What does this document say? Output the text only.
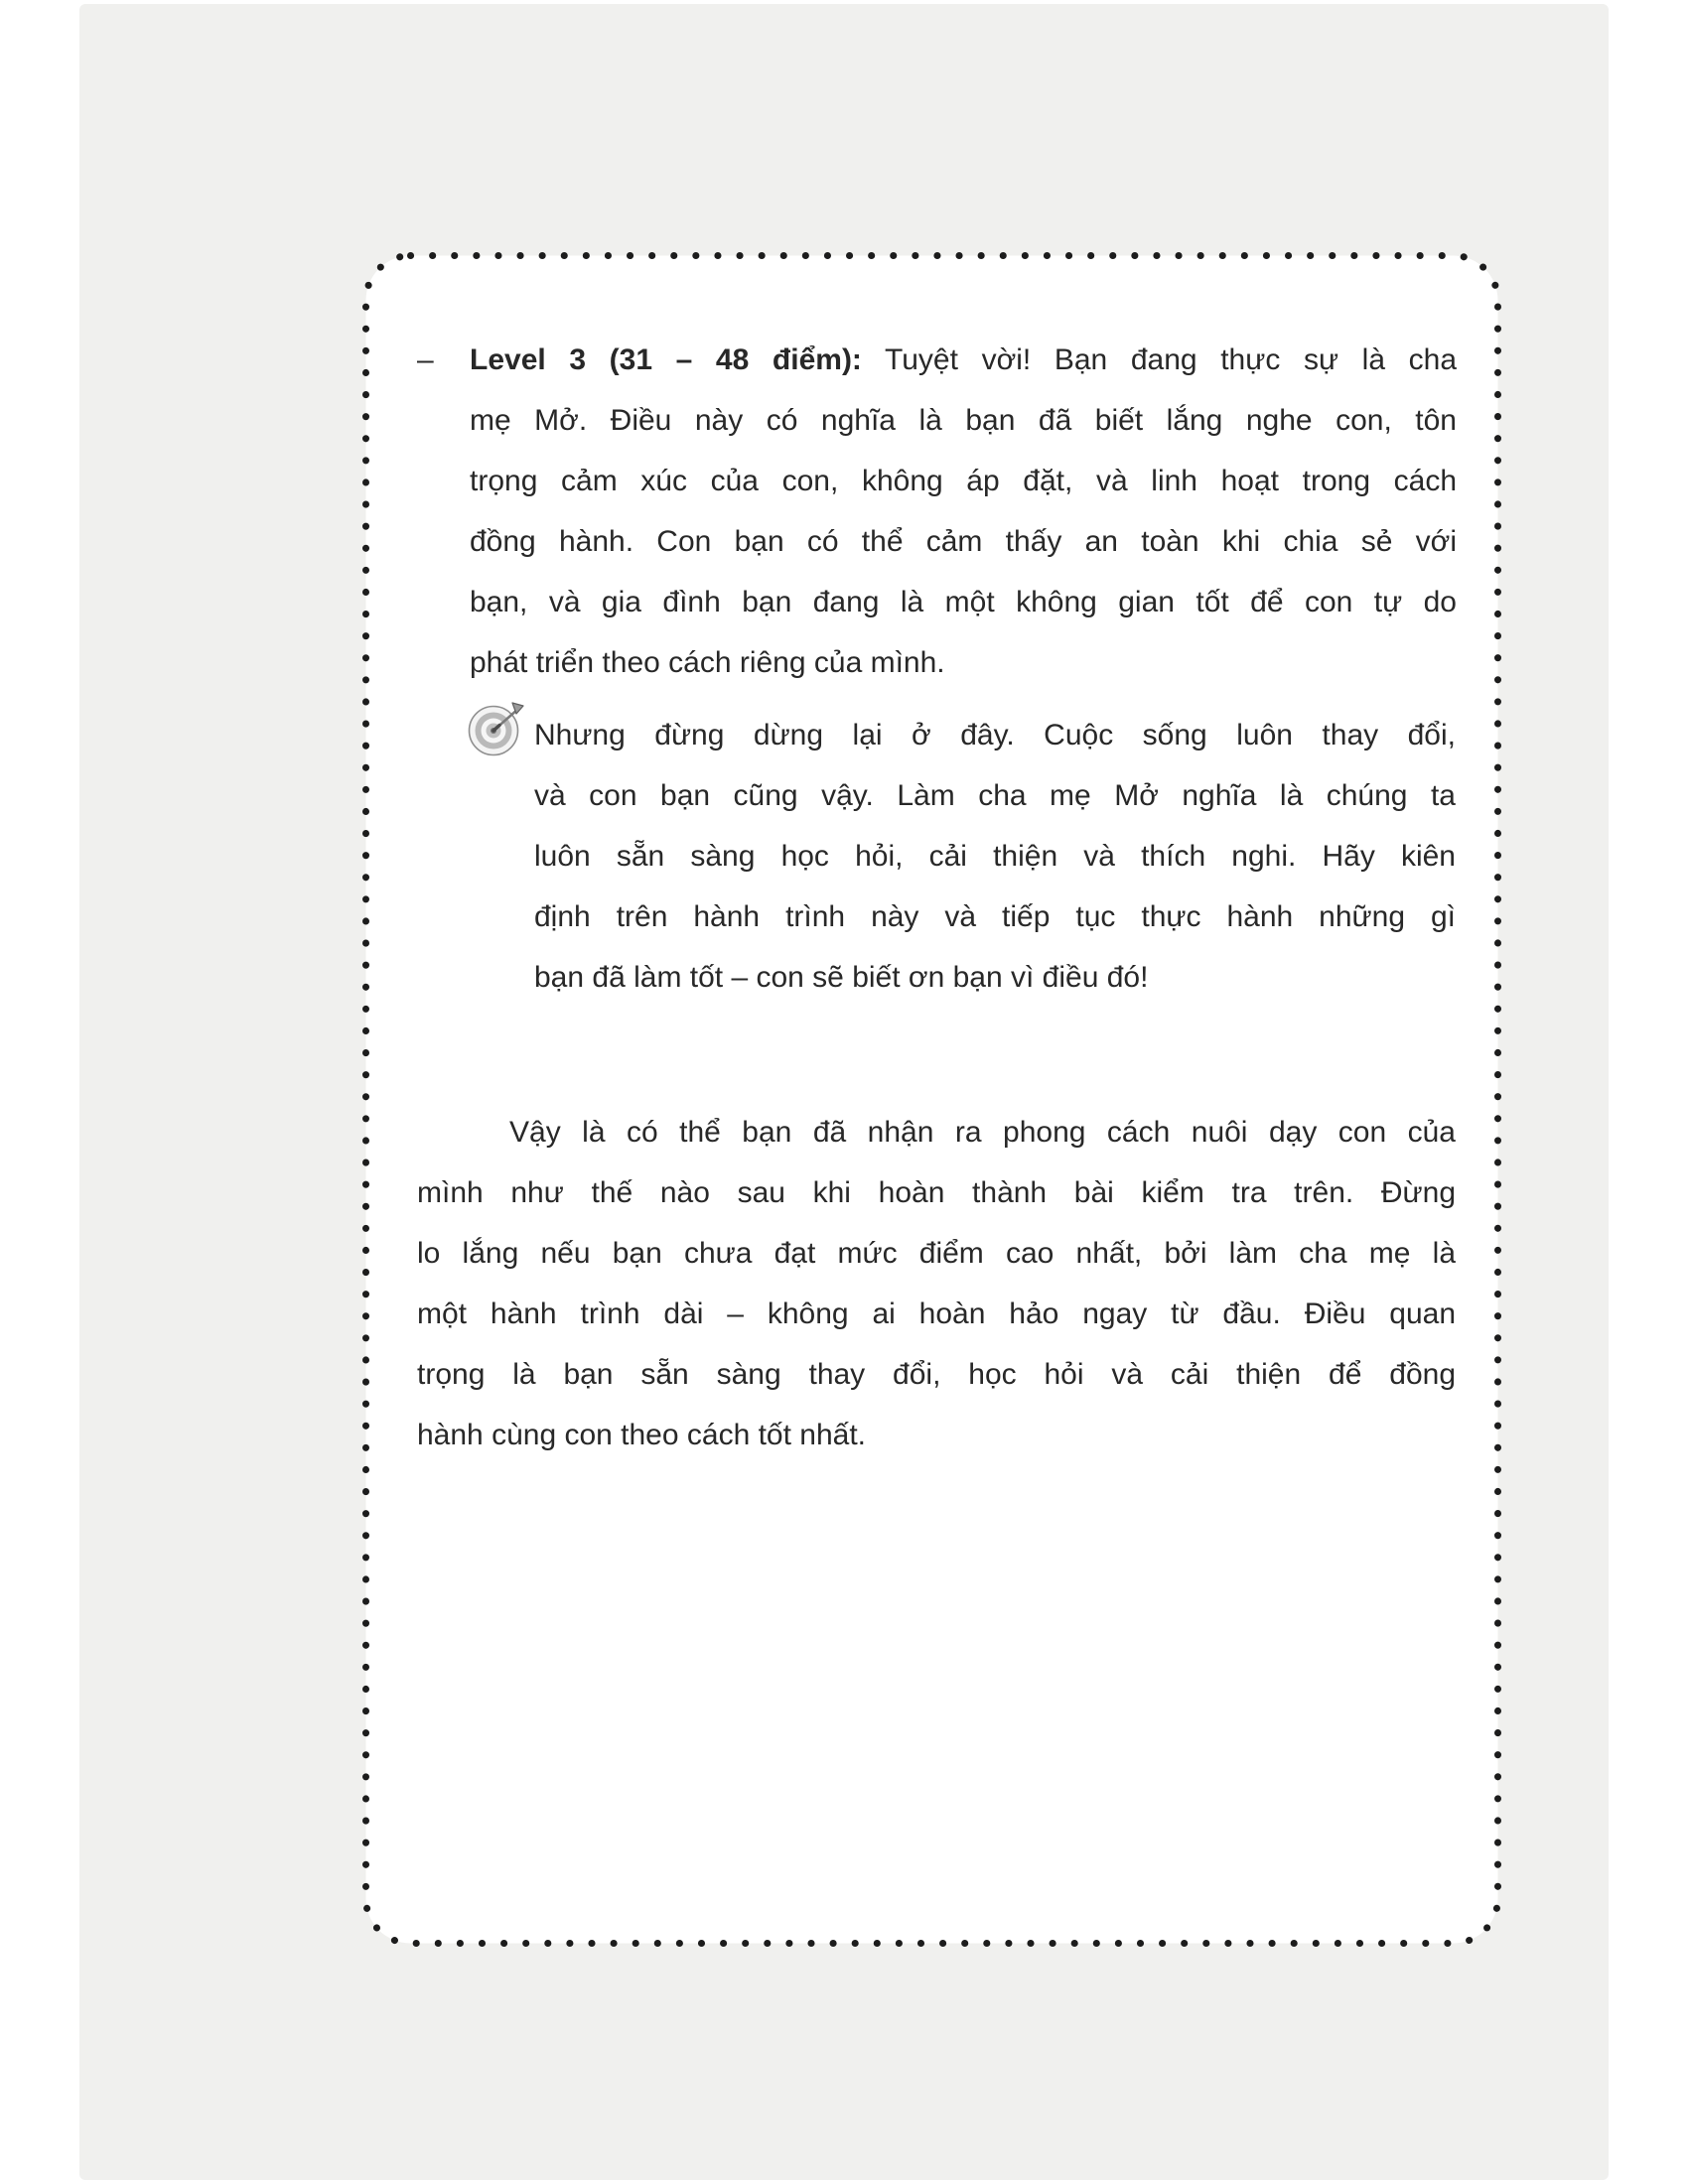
–	Level 3 (31 – 48 điểm): Tuyệt vời! Bạn đang thực sự là cha
mẹ Mở. Điều này có nghĩa là bạn đã biết lắng nghe con, tôn
trọng cảm xúc của con, không áp đặt, và linh hoạt trong cách
đồng hành. Con bạn có thể cảm thấy an toàn khi chia sẻ với
bạn, và gia đình bạn đang là một không gian tốt để con tự do
phát triển theo cách riêng của mình.
Nhưng đừng dừng lại ở đây. Cuộc sống luôn thay đổi,
và con bạn cũng vậy. Làm cha mẹ Mở nghĩa là chúng ta
luôn sẵn sàng học hỏi, cải thiện và thích nghi. Hãy kiên
định trên hành trình này và tiếp tục thực hành những gì
bạn đã làm tốt – con sẽ biết ơn bạn vì điều đó!
Vậy là có thể bạn đã nhận ra phong cách nuôi dạy con của
mình như thế nào sau khi hoàn thành bài kiểm tra trên. Đừng
lo lắng nếu bạn chưa đạt mức điểm cao nhất, bởi làm cha mẹ là
một hành trình dài – không ai hoàn hảo ngay từ đầu. Điều quan
trọng là bạn sẵn sàng thay đổi, học hỏi và cải thiện để đồng
hành cùng con theo cách tốt nhất.
